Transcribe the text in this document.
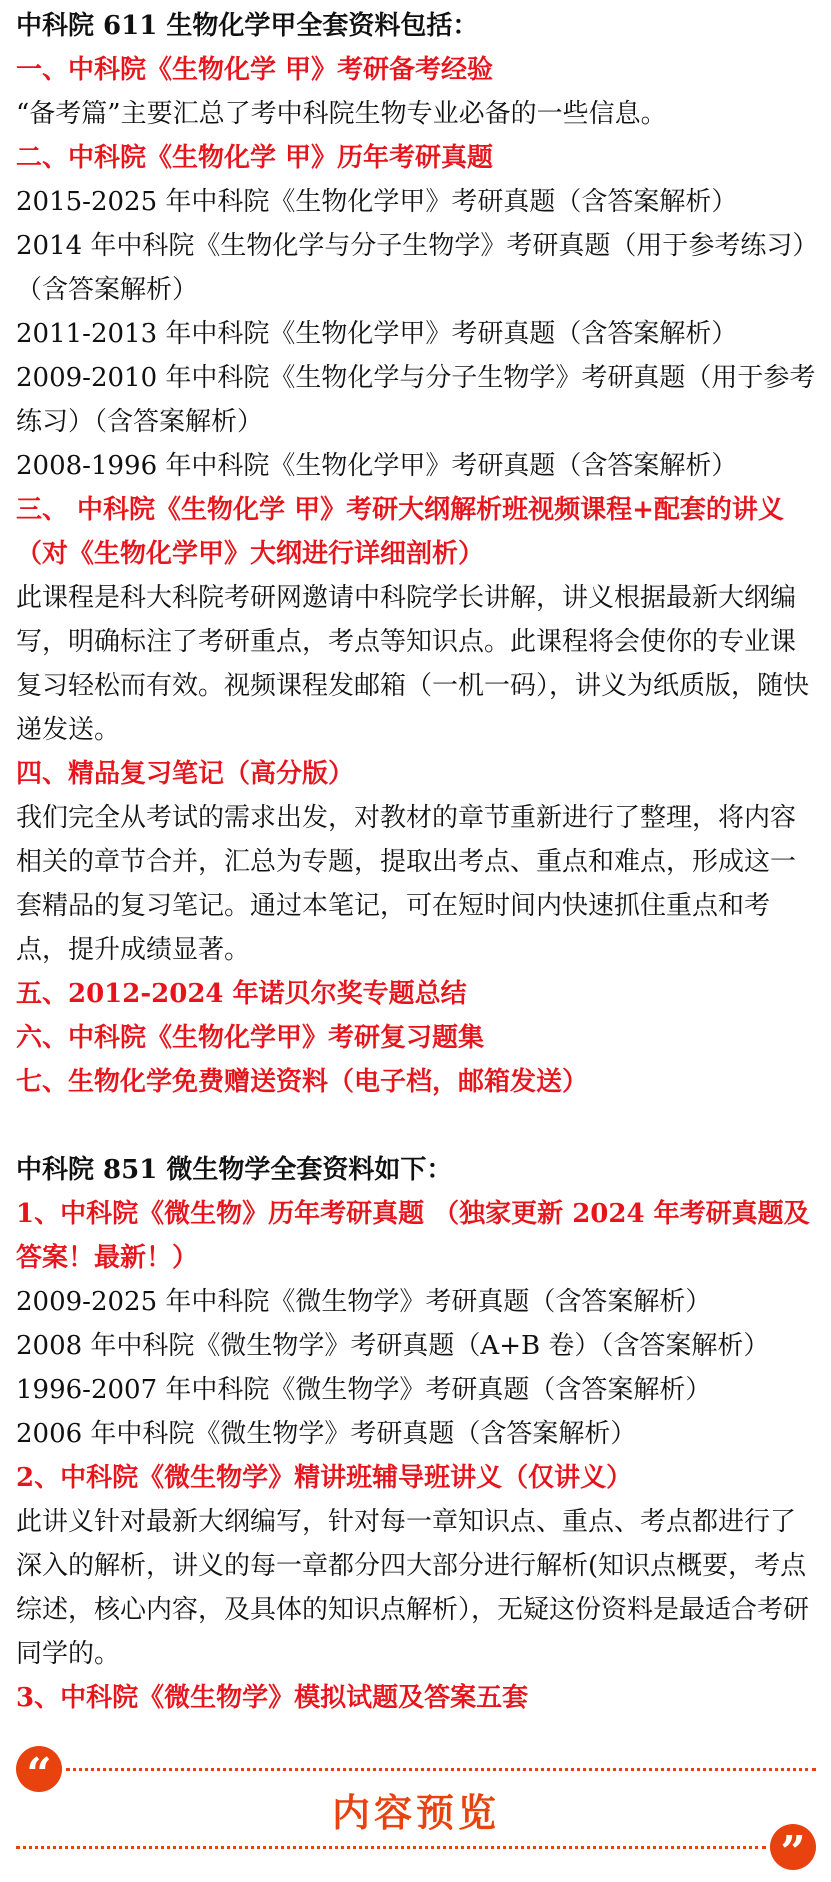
中科院 611 生物化学甲全套资料包括：

一、中科院《生物化学 甲》考研备考经验

“备考篇”主要汇总了考中科院生物专业必备的一些信息。

二、中科院《生物化学 甲》历年考研真题

2015-2025 年中科院《生物化学甲》考研真题（含答案解析）

2014 年中科院《生物化学与分子生物学》考研真题（用于参考练习）（含答案解析）

2011-2013 年中科院《生物化学甲》考研真题（含答案解析）

2009-2010 年中科院《生物化学与分子生物学》考研真题（用于参考练习）（含答案解析）

2008-1996 年中科院《生物化学甲》考研真题（含答案解析）

三、 中科院《生物化学 甲》考研大纲解析班视频课程+配套的讲义（对《生物化学甲》大纲进行详细剖析）

此课程是科大科院考研网邀请中科院学长讲解，讲义根据最新大纲编写，明确标注了考研重点，考点等知识点。此课程将会使你的专业课复习轻松而有效。视频课程发邮箱（一机一码），讲义为纸质版，随快递发送。

四、精品复习笔记（高分版）

我们完全从考试的需求出发，对教材的章节重新进行了整理，将内容相关的章节合并，汇总为专题，提取出考点、重点和难点，形成这一套精品的复习笔记。通过本笔记，可在短时间内快速抓住重点和考点，提升成绩显著。

五、2012-2024 年诺贝尔奖专题总结

六、中科院《生物化学甲》考研复习题集

七、生物化学免费赠送资料（电子档，邮箱发送）

中科院 851 微生物学全套资料如下：

1、中科院《微生物》历年考研真题 （独家更新 2024 年考研真题及答案！最新！）

2009-2025 年中科院《微生物学》考研真题（含答案解析）

2008 年中科院《微生物学》考研真题（A+B 卷）（含答案解析）

1996-2007 年中科院《微生物学》考研真题（含答案解析）

2006 年中科院《微生物学》考研真题（含答案解析）

2、中科院《微生物学》精讲班辅导班讲义（仅讲义）

此讲义针对最新大纲编写，针对每一章知识点、重点、考点都进行了深入的解析，讲义的每一章都分四大部分进行解析(知识点概要，考点综述，核心内容，及具体的知识点解析），无疑这份资料是最适合考研同学的。

3、中科院《微生物学》模拟试题及答案五套

“
内容预览
”
